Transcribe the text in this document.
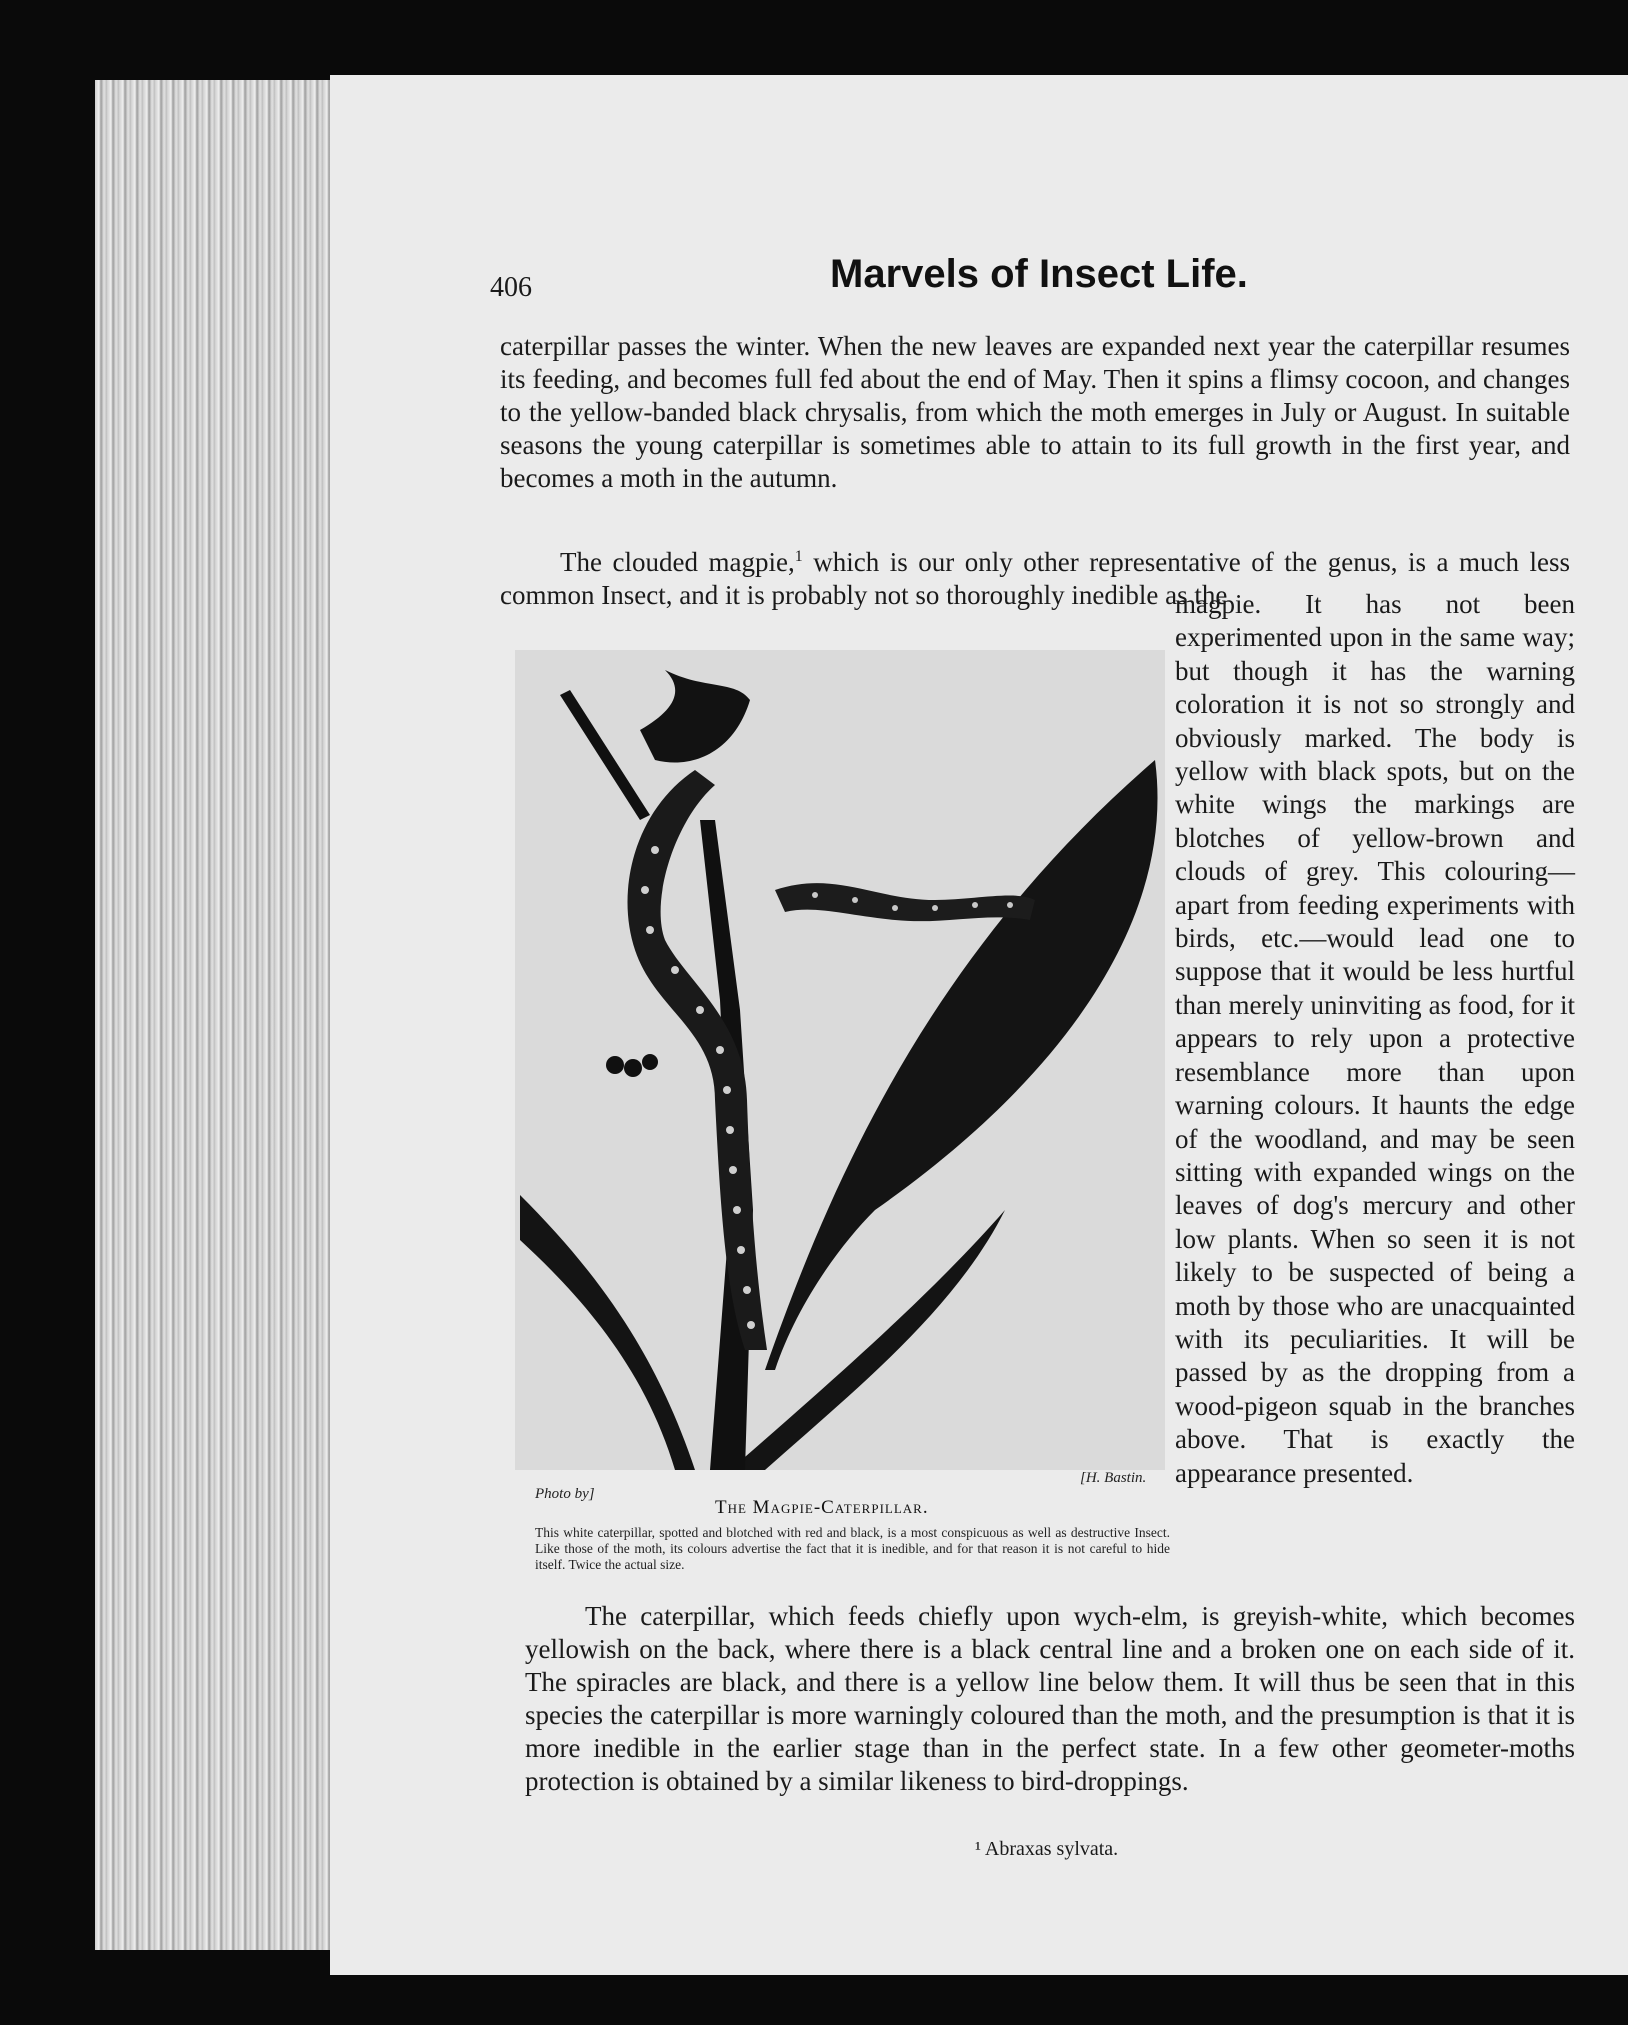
406	Marvels of Insect Life.

caterpillar passes the winter. When the new leaves are expanded next year the caterpillar resumes its feeding, and becomes full fed about the end of May. Then it spins a flimsy cocoon, and changes to the yellow-banded black chrysalis, from which the moth emerges in July or August. In suitable seasons the young caterpillar is sometimes able to attain to its full growth in the first year, and becomes a moth in the autumn.

The clouded magpie,$^1$ which is our only other representative of the genus, is a much less common Insect, and it is probably not so thoroughly inedible as the

magpie. It has not been experimented upon in the same way; but though it has the warning coloration it is not so strongly and obviously marked. The body is yellow with black spots, but on the white wings the markings are blotches of yellow-brown and clouds of grey. This colouring—apart from feeding experiments with birds, etc.—would lead one to suppose that it would be less hurtful than merely uninviting as food, for it appears to rely upon a protective resemblance more than upon warning colours. It haunts the edge of the woodland, and may be seen sitting with expanded wings on the leaves of dog's mercury and other low plants. When so seen it is not likely to be suspected of being a moth by those who are unacquainted with its peculiarities. It will be passed by as the dropping from a wood-pigeon squab in the branches above. That is exactly the appearance presented.

Photo by]
[H. Bastin.
The Magpie-Caterpillar.

This white caterpillar, spotted and blotched with red and black, is a most conspicuous as well as destructive Insect. Like those of the moth, its colours advertise the fact that it is inedible, and for that reason it is not careful to hide itself. Twice the actual size.

The caterpillar, which feeds chiefly upon wych-elm, is greyish-white, which becomes yellowish on the back, where there is a black central line and a broken one on each side of it. The spiracles are black, and there is a yellow line below them. It will thus be seen that in this species the caterpillar is more warningly coloured than the moth, and the presumption is that it is more inedible in the earlier stage than in the perfect state. In a few other geometer-moths protection is obtained by a similar likeness to bird-droppings.

¹ Abraxas sylvata.
